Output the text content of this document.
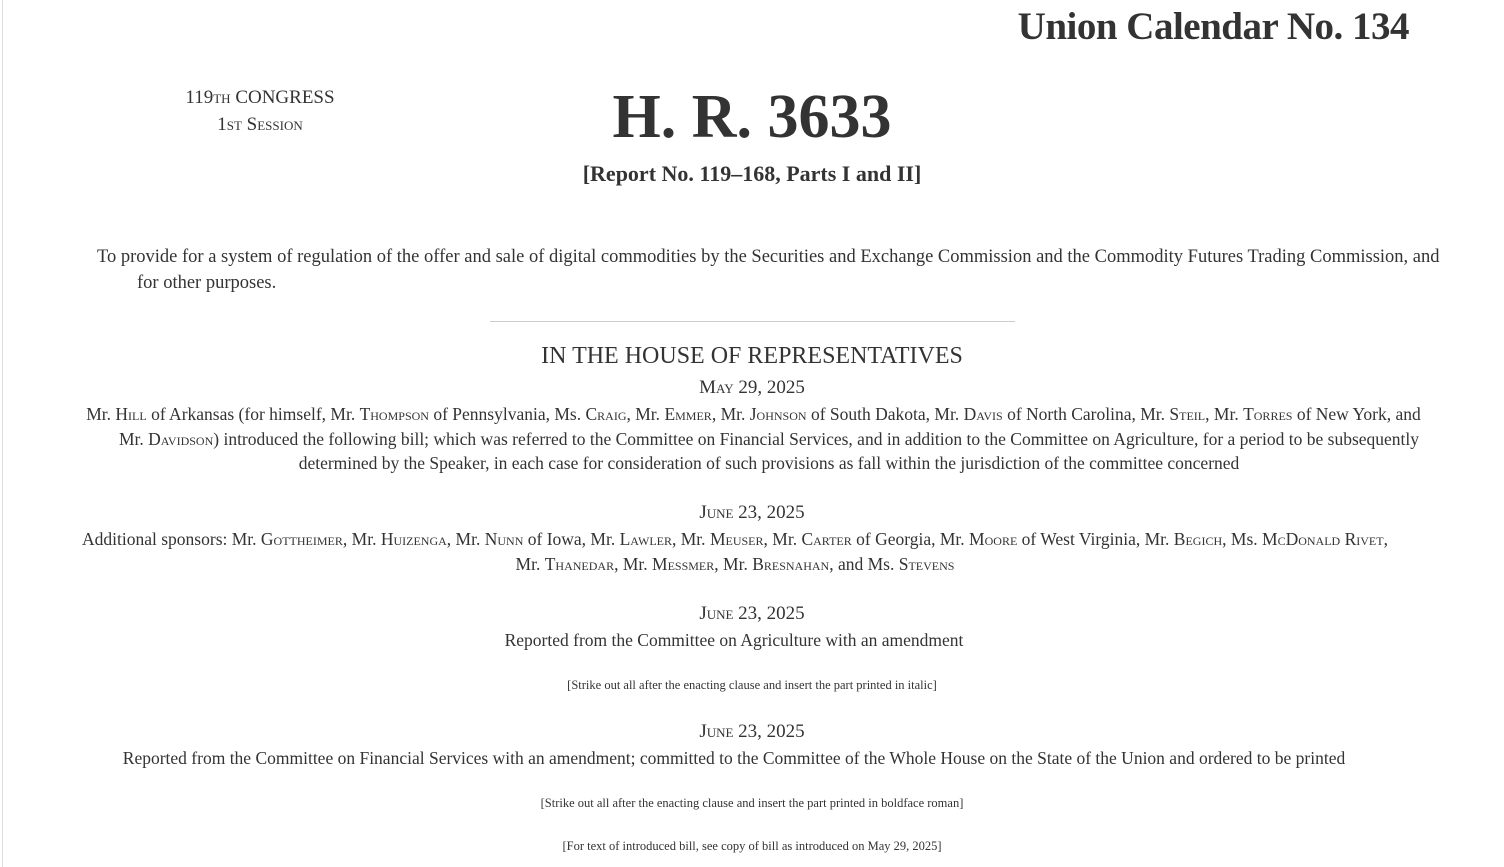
Union Calendar No. 134
119th CONGRESS
1st Session	H. R. 3633
[Report No. 119–168, Parts I and II]
To provide for a system of regulation of the offer and sale of digital commodities by the Securities and Exchange Commission and the Commodity Futures Trading Commission, and for other purposes.
IN THE HOUSE OF REPRESENTATIVES
May 29, 2025
Mr. Hill of Arkansas (for himself, Mr. Thompson of Pennsylvania, Ms. Craig, Mr. Emmer, Mr. Johnson of South Dakota, Mr. Davis of North Carolina, Mr. Steil, Mr. Torres of New York, and Mr. Davidson) introduced the following bill; which was referred to the Committee on Financial Services, and in addition to the Committee on Agriculture, for a period to be subsequently determined by the Speaker, in each case for consideration of such provisions as fall within the jurisdiction of the committee concerned
June 23, 2025
Additional sponsors: Mr. Gottheimer, Mr. Huizenga, Mr. Nunn of Iowa, Mr. Lawler, Mr. Meuser, Mr. Carter of Georgia, Mr. Moore of West Virginia, Mr. Begich, Ms. McDonald Rivet, Mr. Thanedar, Mr. Messmer, Mr. Bresnahan, and Ms. Stevens
June 23, 2025
Reported from the Committee on Agriculture with an amendment
[Strike out all after the enacting clause and insert the part printed in italic]
June 23, 2025
Reported from the Committee on Financial Services with an amendment; committed to the Committee of the Whole House on the State of the Union and ordered to be printed
[Strike out all after the enacting clause and insert the part printed in boldface roman]
[For text of introduced bill, see copy of bill as introduced on May 29, 2025]
